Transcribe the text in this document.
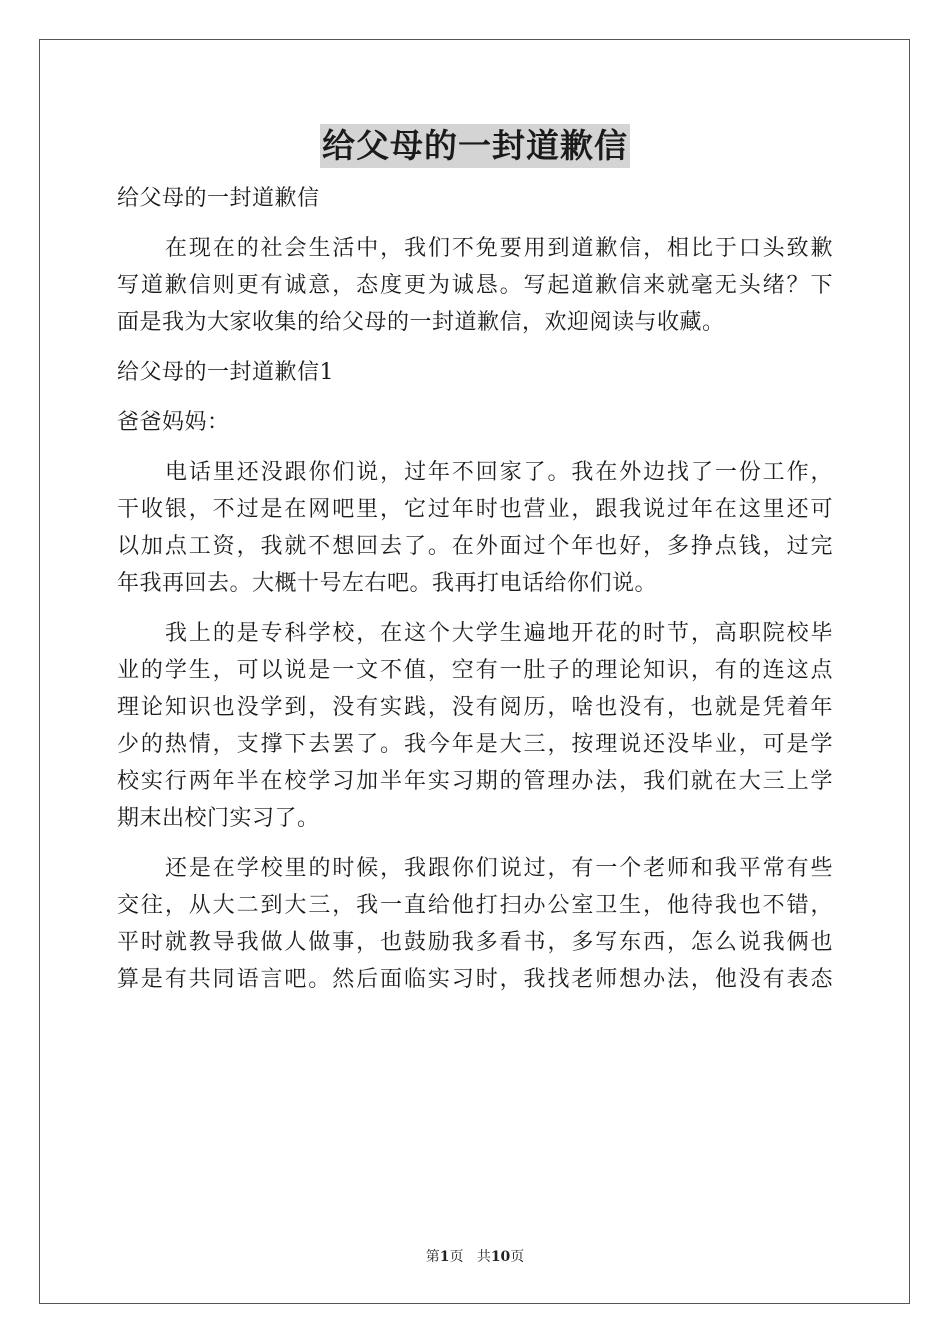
给父母的一封道歉信

给父母的一封道歉信

在现在的社会生活中，我们不免要用到道歉信，相比于口头致歉

写道歉信则更有诚意，态度更为诚恳。写起道歉信来就毫无头绪？下

面是我为大家收集的给父母的一封道歉信，欢迎阅读与收藏。

给父母的一封道歉信1

爸爸妈妈：

电话里还没跟你们说，过年不回家了。我在外边找了一份工作，

干收银，不过是在网吧里，它过年时也营业，跟我说过年在这里还可

以加点工资，我就不想回去了。在外面过个年也好，多挣点钱，过完

年我再回去。大概十号左右吧。我再打电话给你们说。

我上的是专科学校，在这个大学生遍地开花的时节，高职院校毕

业的学生，可以说是一文不值，空有一肚子的理论知识，有的连这点

理论知识也没学到，没有实践，没有阅历，啥也没有，也就是凭着年

少的热情，支撑下去罢了。我今年是大三，按理说还没毕业，可是学

校实行两年半在校学习加半年实习期的管理办法，我们就在大三上学

期末出校门实习了。

还是在学校里的时候，我跟你们说过，有一个老师和我平常有些

交往，从大二到大三，我一直给他打扫办公室卫生，他待我也不错，

平时就教导我做人做事，也鼓励我多看书，多写东西，怎么说我俩也

算是有共同语言吧。然后面临实习时，我找老师想办法，他没有表态

第1页 共10页
